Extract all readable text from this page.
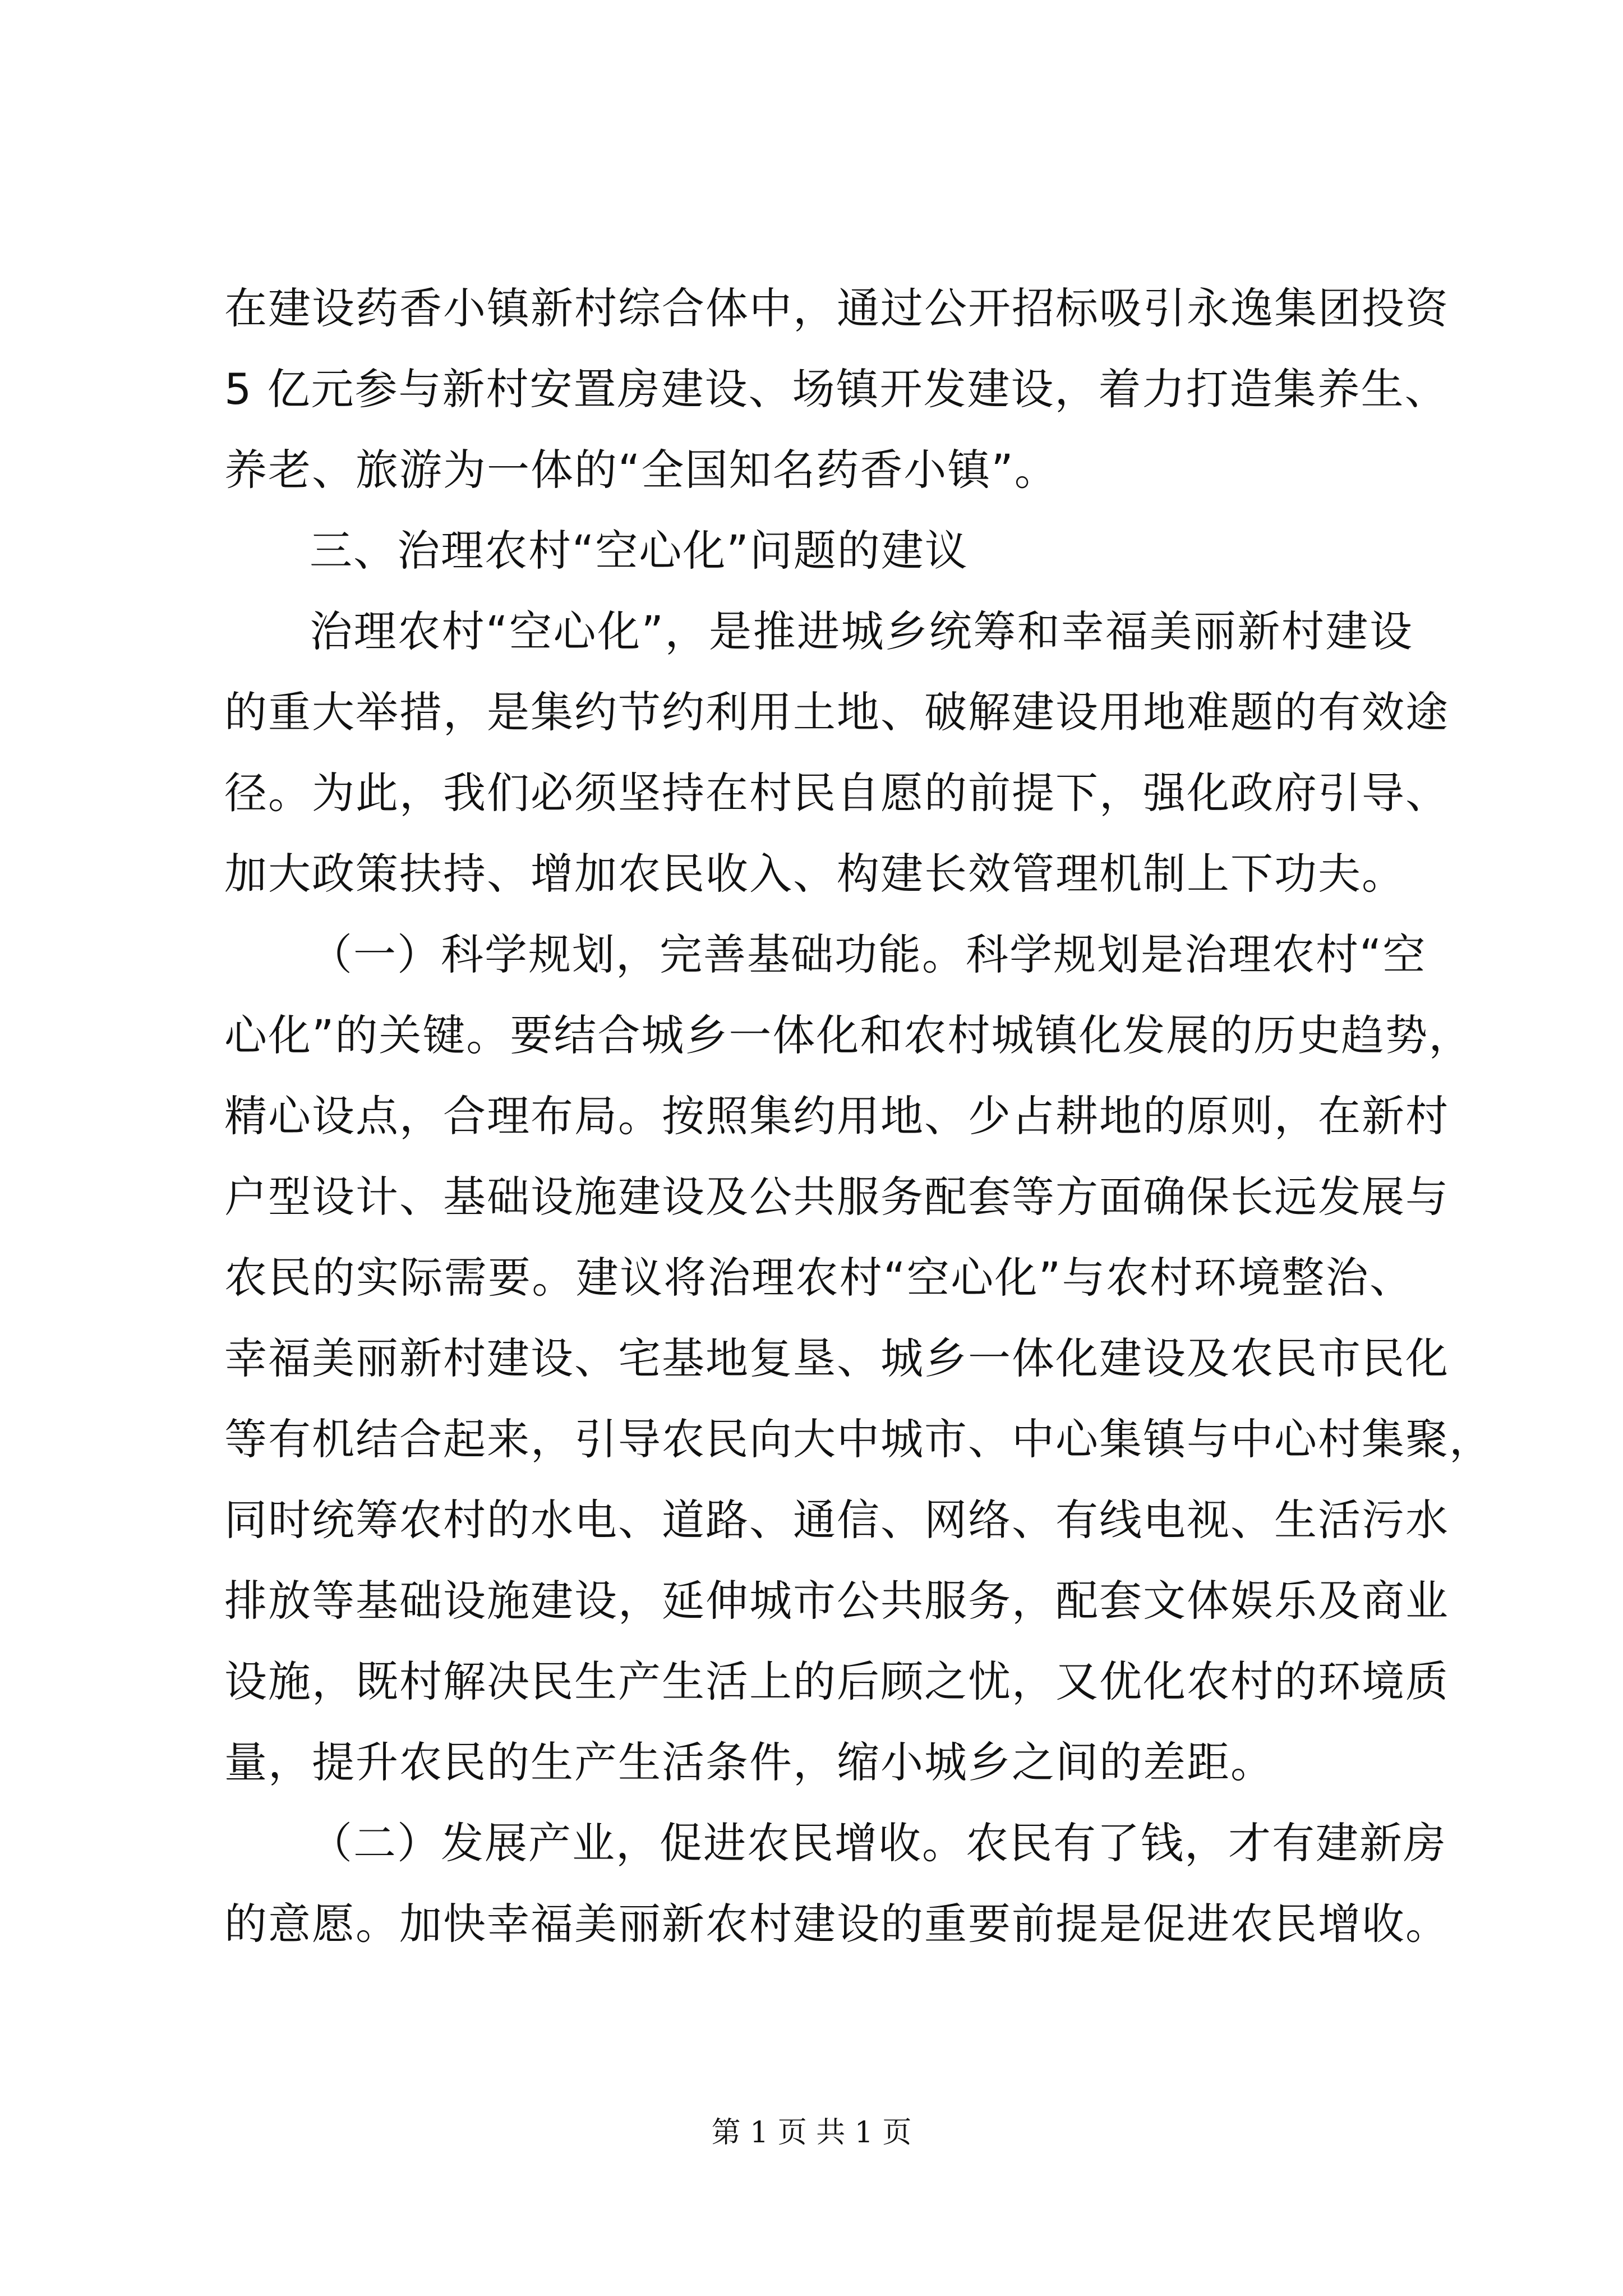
在建设药香小镇新村综合体中，通过公开招标吸引永逸集团投资
5 亿元参与新村安置房建设、场镇开发建设，着力打造集养生、
养老、旅游为一体的“全国知名药香小镇”。
三、治理农村“空心化”问题的建议
治理农村“空心化”，是推进城乡统筹和幸福美丽新村建设
的重大举措，是集约节约利用土地、破解建设用地难题的有效途
径。为此，我们必须坚持在村民自愿的前提下，强化政府引导、
加大政策扶持、增加农民收入、构建长效管理机制上下功夫。
（一）科学规划，完善基础功能。科学规划是治理农村“空
心化”的关键。要结合城乡一体化和农村城镇化发展的历史趋势，
精心设点，合理布局。按照集约用地、少占耕地的原则，在新村
户型设计、基础设施建设及公共服务配套等方面确保长远发展与
农民的实际需要。建议将治理农村“空心化”与农村环境整治、
幸福美丽新村建设、宅基地复垦、城乡一体化建设及农民市民化
等有机结合起来，引导农民向大中城市、中心集镇与中心村集聚，
同时统筹农村的水电、道路、通信、网络、有线电视、生活污水
排放等基础设施建设，延伸城市公共服务，配套文体娱乐及商业
设施，既村解决民生产生活上的后顾之忧，又优化农村的环境质
量，提升农民的生产生活条件，缩小城乡之间的差距。
（二）发展产业，促进农民增收。农民有了钱，才有建新房
的意愿。加快幸福美丽新农村建设的重要前提是促进农民增收。
第 1 页 共 1 页
